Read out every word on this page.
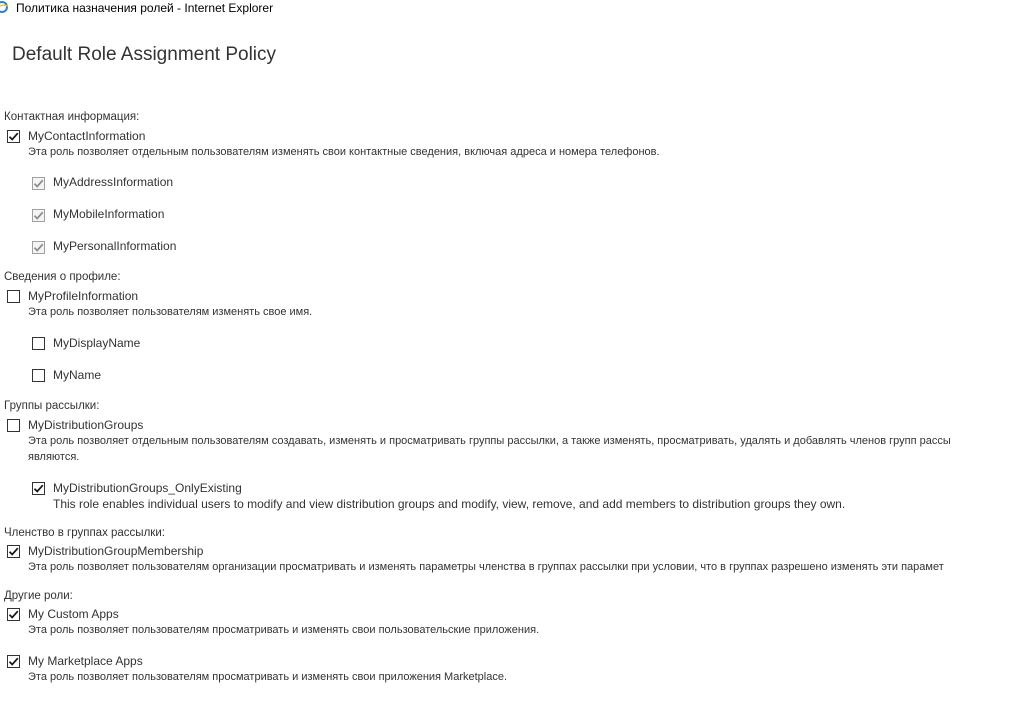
Политика назначения ролей - Internet Explorer
Default Role Assignment Policy
Контактная информация:
MyContactInformation
Эта роль позволяет отдельным пользователям изменять свои контактные сведения, включая адреса и номера телефонов.
MyAddressInformation
MyMobileInformation
MyPersonalInformation
Сведения о профиле:
MyProfileInformation
Эта роль позволяет пользователям изменять свое имя.
MyDisplayName
MyName
Группы рассылки:
MyDistributionGroups
Эта роль позволяет отдельным пользователям создавать, изменять и просматривать группы рассылки, а также изменять, просматривать, удалять и добавлять членов групп рассы
являются.
MyDistributionGroups_OnlyExisting
This role enables individual users to modify and view distribution groups and modify, view, remove, and add members to distribution groups they own.
Членство в группах рассылки:
MyDistributionGroupMembership
Эта роль позволяет пользователям организации просматривать и изменять параметры членства в группах рассылки при условии, что в группах разрешено изменять эти парамет
Другие роли:
My Custom Apps
Эта роль позволяет пользователям просматривать и изменять свои пользовательские приложения.
My Marketplace Apps
Эта роль позволяет пользователям просматривать и изменять свои приложения Marketplace.
